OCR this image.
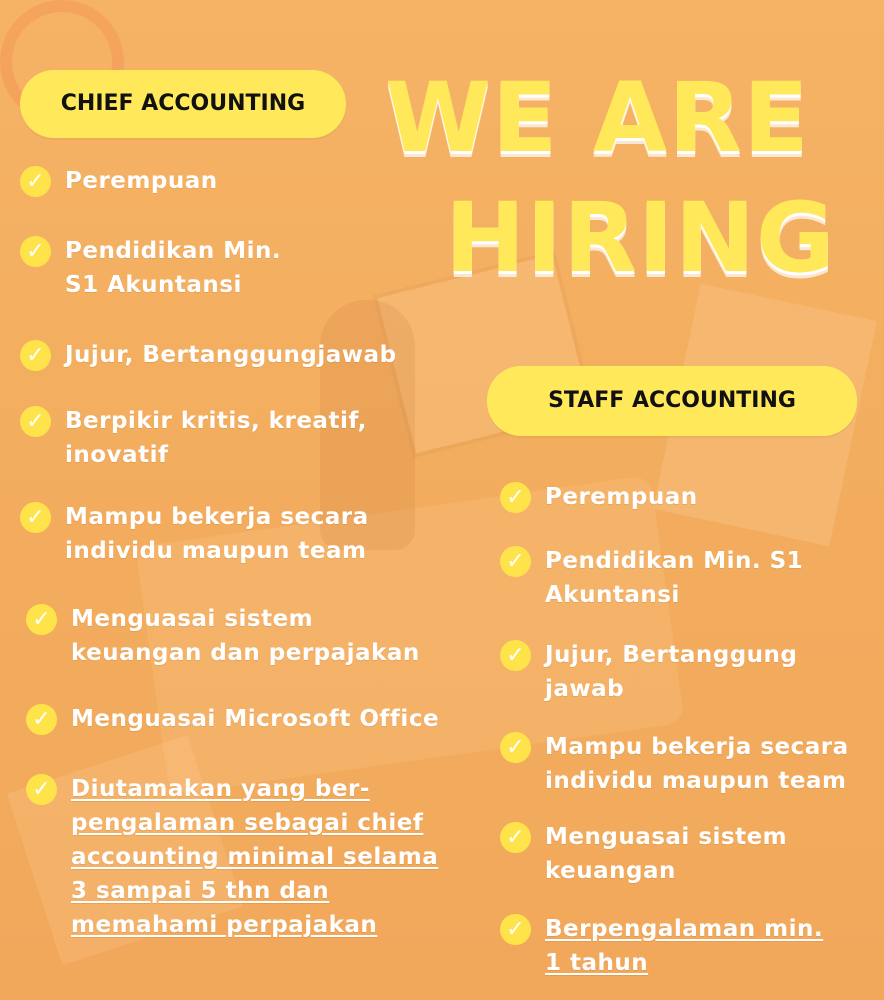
CHIEF ACCOUNTING WE ARE
HIRING
✓ Perempuan
✓ Pendidikan Min.
S1 Akuntansi
✓ Jujur, Bertanggungjawab
✓ Berpikir kritis, kreatif,
inovatif
✓ Mampu bekerja secara
individu maupun team
✓ Menguasai sistem
keuangan dan perpajakan
✓ Menguasai Microsoft Office
✓ Diutamakan yang ber-
pengalaman sebagai chief
accounting minimal selama
3 sampai 5 thn dan
memahami perpajakan
STAFF ACCOUNTING
✓ Perempuan
✓ Pendidikan Min. S1
Akuntansi
✓ Jujur, Bertanggung
jawab
✓ Mampu bekerja secara
individu maupun team
✓ Menguasai sistem
keuangan
✓ Berpengalaman min.
1 tahun
